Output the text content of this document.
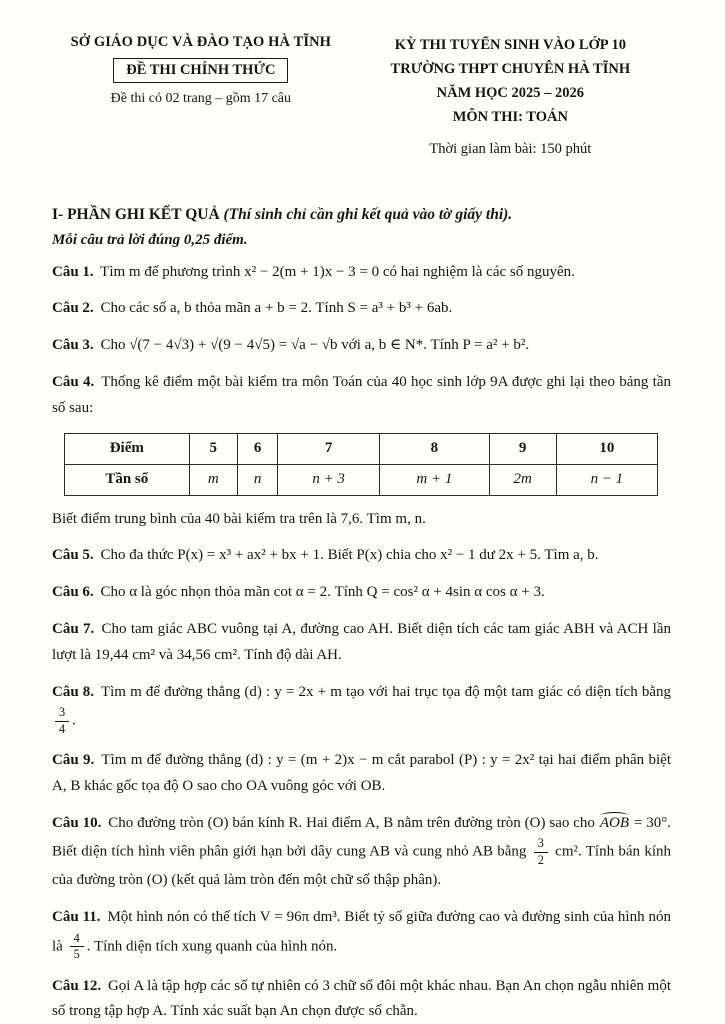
SỞ GIÁO DỤC VÀ ĐÀO TẠO HÀ TĨNH
ĐỀ THI CHÍNH THỨC
Đề thi có 02 trang – gồm 17 câu
KỲ THI TUYỂN SINH VÀO LỚP 10
TRƯỜNG THPT CHUYÊN HÀ TĨNH
NĂM HỌC 2025 – 2026
MÔN THI: TOÁN
Thời gian làm bài: 150 phút
I- PHẦN GHI KẾT QUẢ (Thí sinh chỉ cần ghi kết quả vào tờ giấy thi).
Mỗi câu trả lời đúng 0,25 điểm.

Câu 1. Tìm m để phương trình x² − 2(m + 1)x − 3 = 0 có hai nghiệm là các số nguyên.

Câu 2. Cho các số a, b thỏa mãn a + b = 2. Tính S = a³ + b³ + 6ab.

Câu 3. Cho √(7 − 4√3) + √(9 − 4√5) = √a − √b với a, b ∈ N*. Tính P = a² + b².

Câu 4. Thống kê điểm một bài kiểm tra môn Toán của 40 học sinh lớp 9A được ghi lại theo bảng tần số sau:

Điểm	5	6	7	8	9	10
Tần số	m	n	n + 3	m + 1	2m	n − 1

Biết điểm trung bình của 40 bài kiểm tra trên là 7,6. Tìm m, n.

Câu 5. Cho đa thức P(x) = x³ + ax² + bx + 1. Biết P(x) chia cho x² − 1 dư 2x + 5. Tìm a, b.

Câu 6. Cho α là góc nhọn thỏa mãn cot α = 2. Tính Q = cos² α + 4sin α cos α + 3.

Câu 7. Cho tam giác ABC vuông tại A, đường cao AH. Biết diện tích các tam giác ABH và ACH lần lượt là 19,44 cm² và 34,56 cm². Tính độ dài AH.

Câu 8. Tìm m để đường thẳng (d) : y = 2x + m tạo với hai trục tọa độ một tam giác có diện tích bằng
$\frac{3}{4}$ .

Câu 9. Tìm m để đường thẳng (d) : y = (m + 2)x − m cắt parabol (P) : y = 2x² tại hai điểm phân biệt A, B khác gốc tọa độ O sao cho OA vuông góc với OB.

Câu 10. Cho đường tròn (O) bán kính R. Hai điểm A, B nằm trên đường tròn (O) sao cho AOB = 30°. Biết diện tích hình viên phân giới hạn bởi dây cung AB và cung nhỏ AB bằng $\frac{3}{2} cm^2$. Tính bán kính của đường tròn (O) (kết quả làm tròn đến một chữ số thập phân).

Câu 11. Một hình nón có thể tích V = 96π dm³. Biết tỷ số giữa đường cao và đường sinh của hình nón là $\frac{4}{5}$ . Tính diện tích xung quanh của hình nón.

Câu 12. Gọi A là tập hợp các số tự nhiên có 3 chữ số đôi một khác nhau. Bạn An chọn ngẫu nhiên một số trong tập hợp A. Tính xác suất bạn An chọn được số chẵn.
